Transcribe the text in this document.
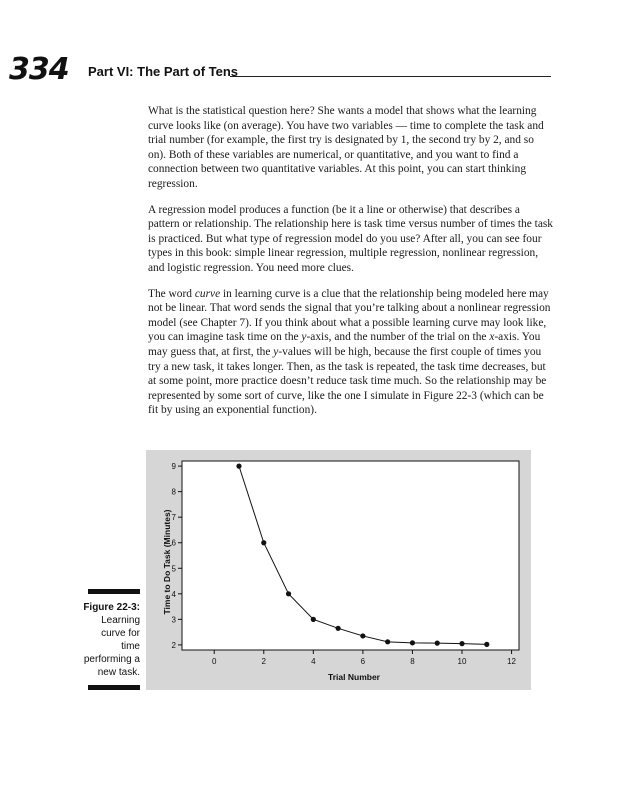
334 Part VI: The Part of Tens

What is the statistical question here? She wants a model that shows what the learning curve looks like (on average). You have two variables — time to complete the task and trial number (for example, the first try is designated by 1, the second try by 2, and so on). Both of these variables are numerical, or quantitative, and you want to find a connection between two quantitative variables. At this point, you can start thinking regression.

A regression model produces a function (be it a line or otherwise) that describes a pattern or relationship. The relationship here is task time versus number of times the task is practiced. But what type of regression model do you use? After all, you can see four types in this book: simple linear regression, multiple regression, nonlinear regression, and logistic regression. You need more clues.

The word curve in learning curve is a clue that the relationship being modeled here may not be linear. That word sends the signal that you’re talking about a nonlinear regression model (see Chapter 7). If you think about what a possible learning curve may look like, you can imagine task time on the y-axis, and the number of the trial on the x-axis. You may guess that, at first, the y-values will be high, because the first couple of times you try a new task, it takes longer. Then, as the task is repeated, the task time decreases, but at some point, more practice doesn’t reduce task time much. So the relationship may be represented by some sort of curve, like the one I simulate in Figure 22-3 (which can be fit by using an exponential function).

2
3
4
5
6
7
8
9
0	2	4	6	8	10	12
Trial Number
Time to Do Task (Minutes)
Figure 22-3:
Learning curve for time performing a new task.
